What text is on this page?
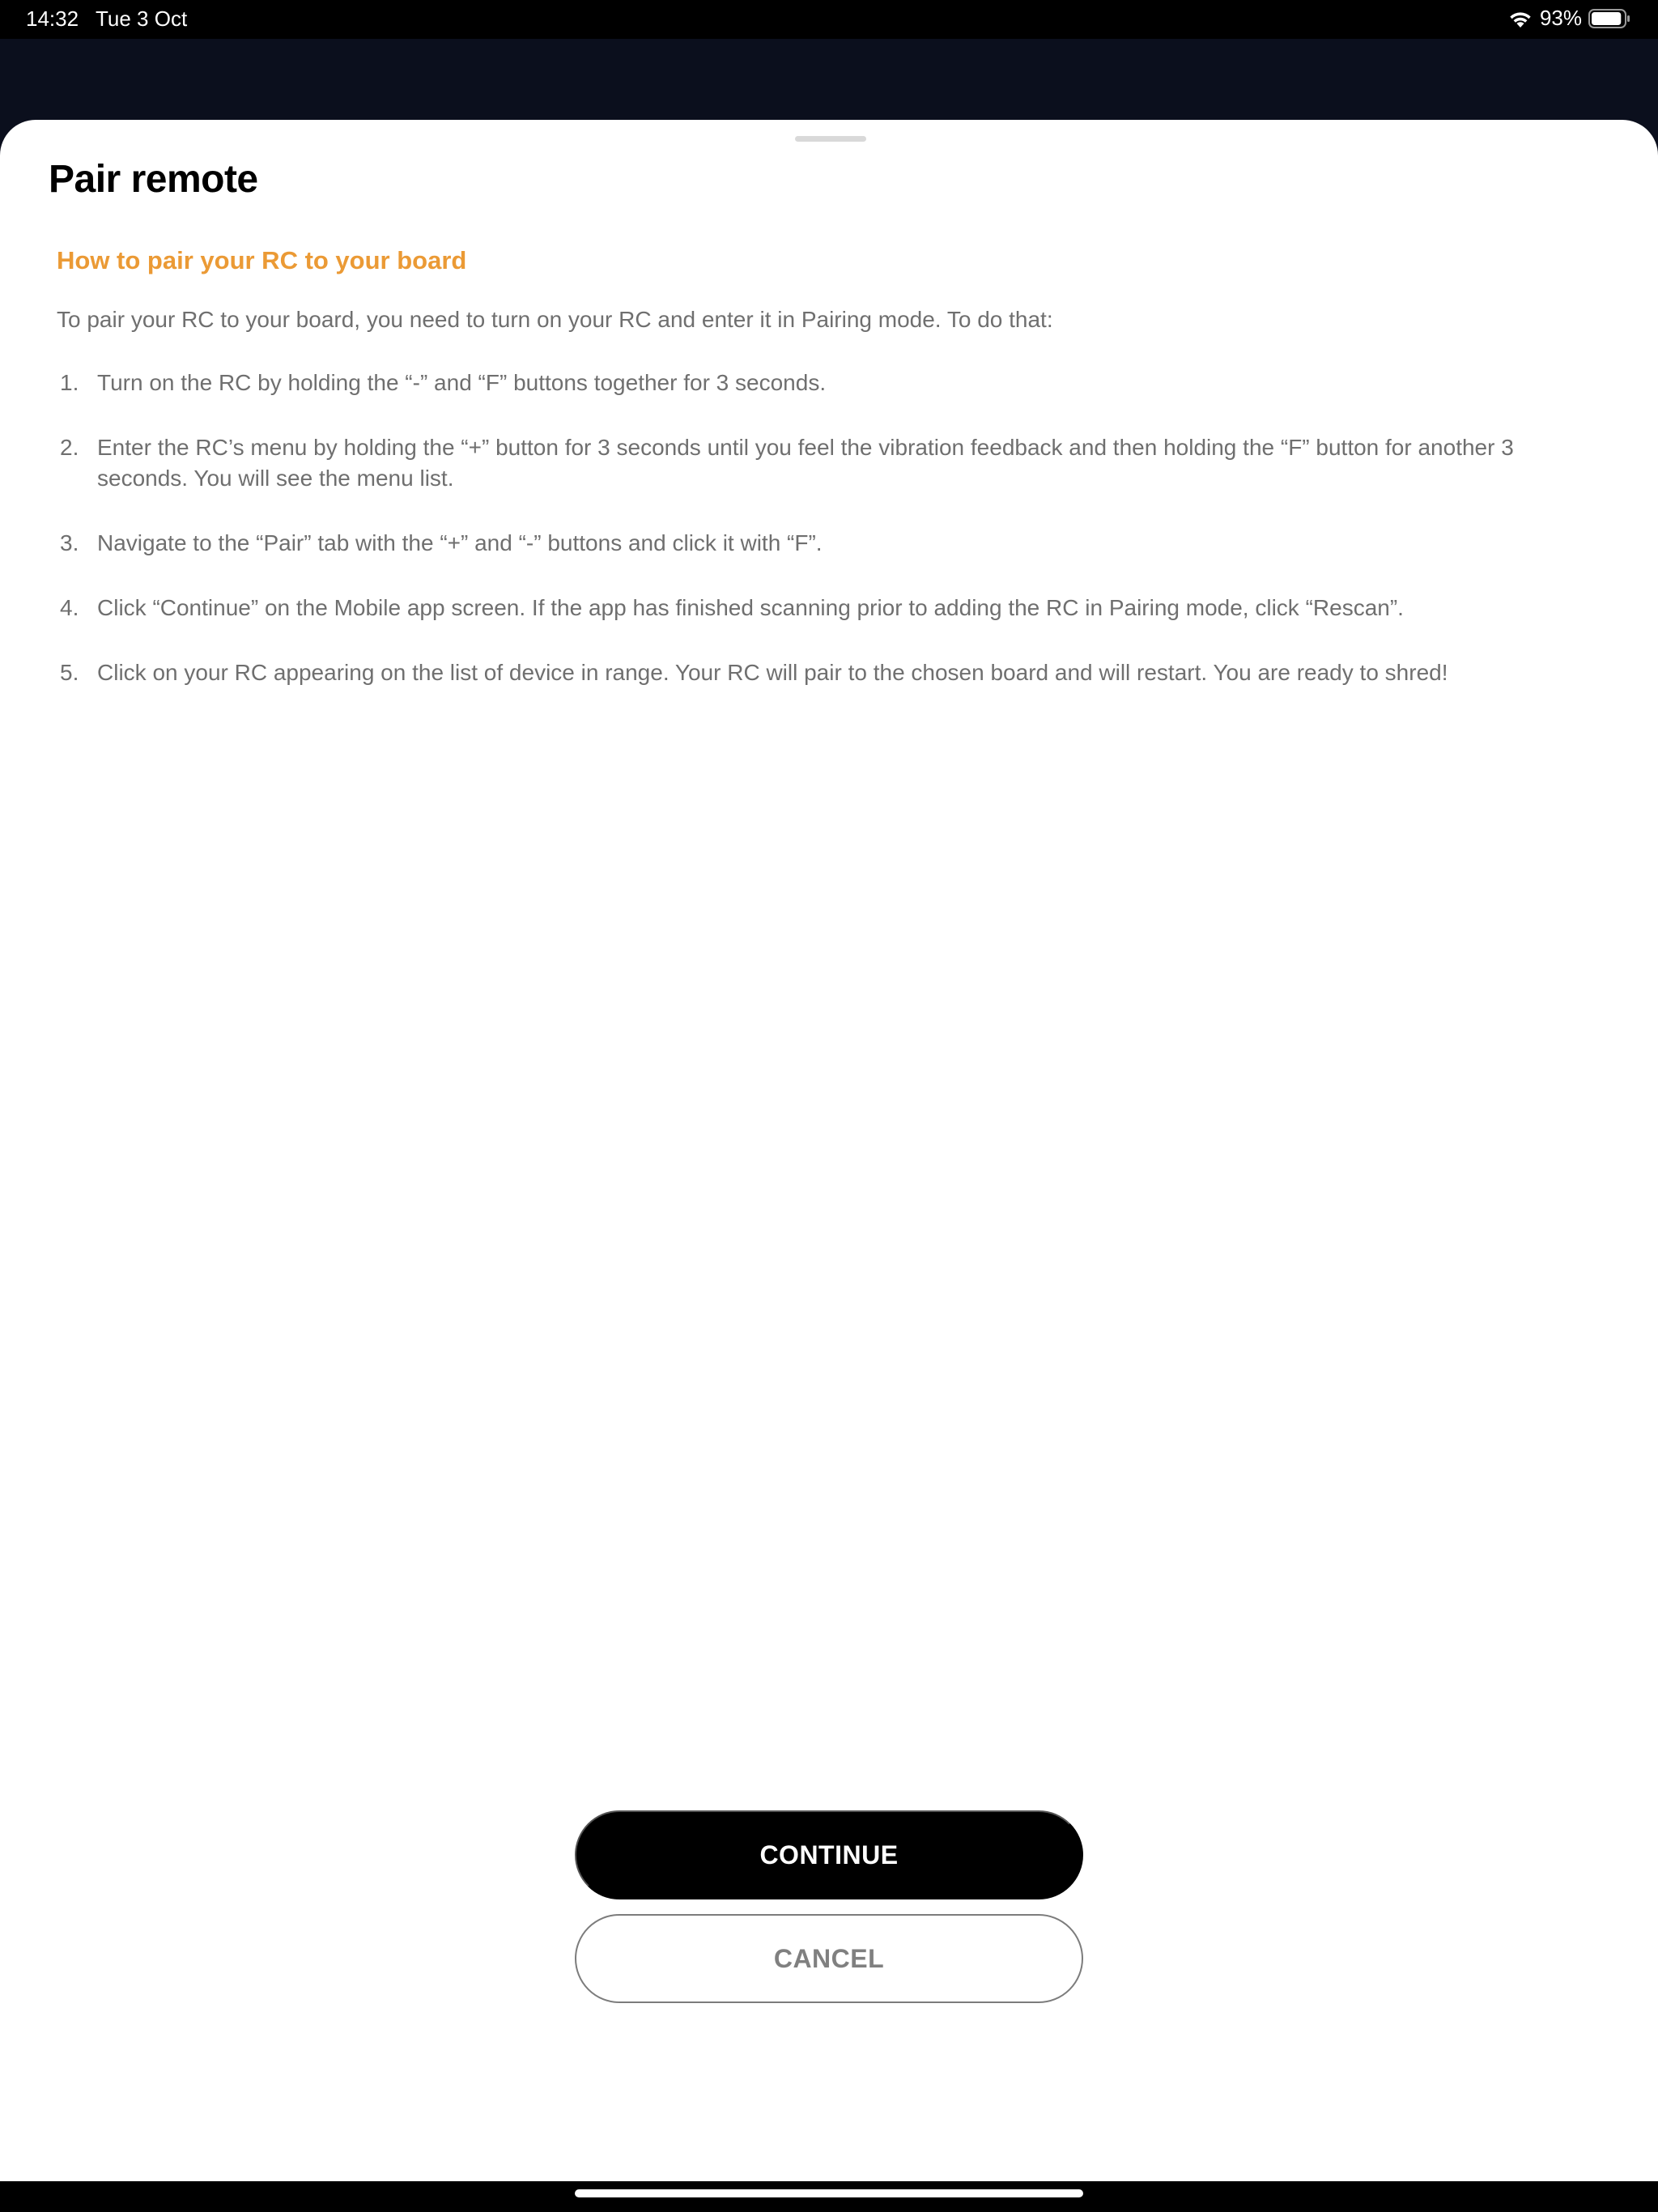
14:32 Tue 3 Oct	93%
Pair remote
How to pair your RC to your board
To pair your RC to your board, you need to turn on your RC and enter it in Pairing mode. To do that:
1. Turn on the RC by holding the “-” and “F” buttons together for 3 seconds.
2. Enter the RC’s menu by holding the “+” button for 3 seconds until you feel the vibration feedback and then holding the “F” button for another 3 seconds. You will see the menu list.
3. Navigate to the “Pair” tab with the “+” and “-” buttons and click it with “F”.
4. Click “Continue” on the Mobile app screen. If the app has finished scanning prior to adding the RC in Pairing mode, click “Rescan”.
5. Click on your RC appearing on the list of device in range. Your RC will pair to the chosen board and will restart. You are ready to shred!
CONTINUE
CANCEL
